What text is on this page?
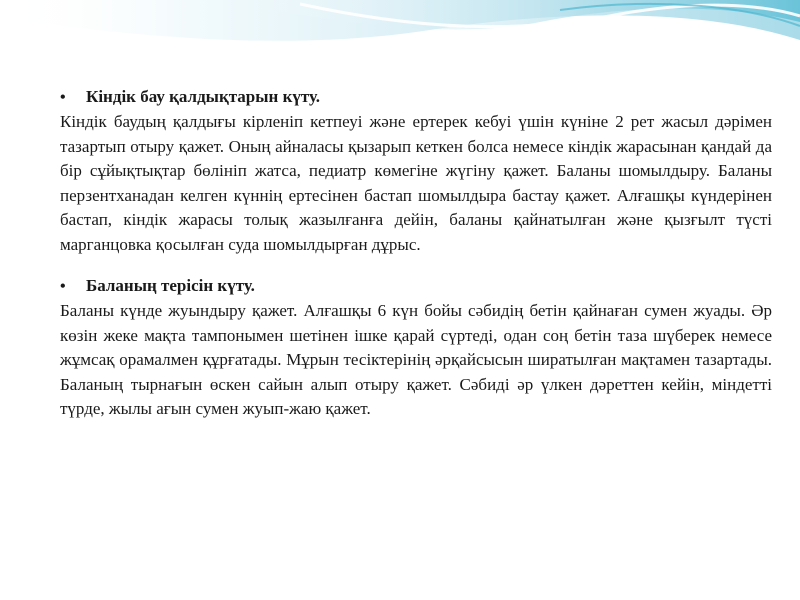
•	Кіндік бау қалдықтарын күту.

Кіндік баудың қалдығы кірленіп кетпеуі және ертерек кебуі үшін күніне 2 рет жасыл дәрімен тазартып отыру қажет. Оның айналасы қызарып кеткен болса немесе кіндік жарасынан қандай да бір сұйықтықтар бөлініп жатса, педиатр көмегіне жүгіну қажет. Баланы шомылдыру. Баланы перзентханадан келген күннің ертесінен бастап шомылдыра бастау қажет. Алғашқы күндерінен бастап, кіндік жарасы толық жазылғанға дейін, баланы қайнатылған және қызғылт түсті марганцовка қосылған суда шомылдырған дұрыс.

•	Баланың терісін күту.

Баланы күнде жуындыру қажет. Алғашқы 6 күн бойы сәбидің бетін қайнаған сумен жуады. Әр көзін жеке мақта тампонымен шетінен ішке қарай сүртеді, одан соң бетін таза шүберек немесе жұмсақ орамалмен құрғатады. Мұрын тесіктерінің әрқайсысын ширатылған мақтамен тазартады. Баланың тырнағын өскен сайын алып отыру қажет. Сәбиді әр үлкен дәреттен кейін, міндетті түрде, жылы ағын сумен жуып-жаю қажет.
